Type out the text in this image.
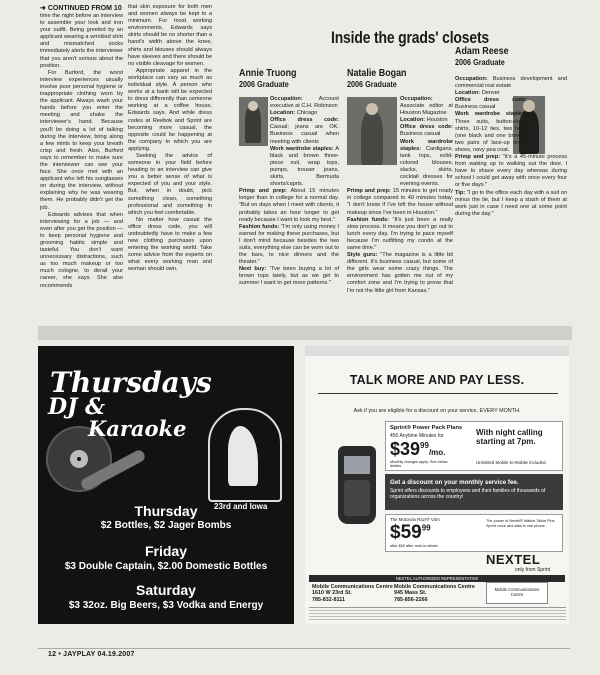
➜ CONTINUED FROM 10

time the night before an interview to assemble your look and iron your outfit. Being greeted by an applicant wearing a wrinkled shirt and mismatched socks immediately alerts the interviewer that you aren't serious about the position.

For Burford, the worst interview experiences usually involve poor personal hygiene or inappropriate clothing worn by the applicant. Always wash your hands before you enter the meeting and shake the interviewer's hand. Because you'll be doing a lot of talking during the interview, bring along a few mints to keep your breath crisp and fresh. Also, Burford says to remember to make sure the interviewer can see your face. She once met with an applicant who left his sunglasses on during the interview, without explaining why he was wearing them. He probably didn't get the job.

Edwards advises that when interviewing for a job — and even after you get the position — to keep personal hygiene and grooming habits simple and tasteful. You don't want unnecessary distractions, such as too much makeup or too much cologne, to derail your career, she says. She also recommends

that skin exposure for both men and women always be kept to a minimum. For most working environments, Edwards says skirts should be no shorter than a hand's width above the knee, shirts and blouses should always have sleeves and there should be no visible cleavage for women.

Appropriate apparel in the workplace can vary as much as individual style. A person who works at a bank will be expected to dress differently than someone working at a coffee house, Edwards says. And while dress codes at Reebok and Sprint are becoming more casual, the opposite could be happening at the company to which you are applying.

Seeking the advice of someone in your field before heading to an interview can give you a better sense of what is expected of you and your style. But, when in doubt, pick something clean, something professional and something in which you feel comfortable.

No matter how casual the office dress code, you will undoubtedly have to make a few new clothing purchases upon entering the working world. Take some advice from the experts on what every working man and woman should own.

Inside the grads' closets
Annie Truong
2006 Graduate

Occupation: Account executive at C.H. Robinson

Location: Chicago

Office dress code: Casual; jeans are OK. Business casual when meeting with clients

Work wardrobe staples: A black and brown three-piece suit, wrap tops, pumps, trouser jeans, skirts, Bermuda shorts/capris.

Primp and prep: About 15 minutes longer than in college for a normal day. "But on days when I meet with clients, it probably takes an hour longer to get ready because I want to look my best."

Fashion funds: "I'm only using money I earned for making these purchases, but I don't mind because besides the two suits, everything else can be worn out to the bars, to nice dinners and the theater."

Next buy: "I've been buying a lot of brown tops lately, but as we get to summer I want to get more patterns."

Natalie Bogan
2006 Graduate

Occupation: Associate editor at Houston Magazine

Location: Houston

Office dress code: Business casual

Work wardrobe staples: Cardigans, tank tops, solid-colored blouses, slacks, skirts, cocktail dresses for evening events.

Primp and prep: 15 minutes to get ready in college compared to 40 minutes today. "I don't know if I've left the house without makeup since I've been in Houston."

Fashion funds: "It's just been a really slow process. It means you don't go out to lunch every day. I'm trying to pace myself because I'm outfitting my condo at the same time."

Style guru: "The magazine is a little bit different. It's business casual, but some of the girls wear some crazy things. The environment has gotten me out of my comfort zone and I'm trying to prove that I'm not the little girl from Kansas."

Adam Reese
2006 Graduate

Occupation: Business development and commercial real estate

Location: Denver

Office dress code: Business casual

Work wardrobe staples: Three suits, button-down shirts, 10-12 ties, two belts (one black and one brown), two pairs of lace-up dress shoes, navy pea coat.

Primp and prep: "It's a 45-minute process from waking up to walking out the door. I have to shave every day whereas during school I could get away with once every four or five days."

Tip: "I go to the office each day with a suit on minus the tie, but I keep a stash of them at work just in case I need one at some point during the day."

23rd and Iowa
Thursdays
DJ &
Karaoke
Thursday
$2 Bottles, $2 Jager Bombs
Friday
$3 Double Captain, $2.00 Domestic Bottles
Saturday
$3 32oz. Big Beers, $3 Vodka and Energy
TALK MORE AND PAY LESS.
Ask if you are eligible for a discount on your service, EVERY MONTH.
Sprint® Power Pack Plans
450 Anytime Minutes for
$\$39^{99}/mo$.
Monthly charges apply. See below details.
With night calling starting at 7pm.
Unlimited Mobile-to-Mobile included.
Get a discount on your monthly service fee.
Sprint offers discounts to employees and their families of thousands of organizations across the country!
The Motorola Razr® V3m
$\$59^{99}$
after $50 after mail-in rebate.
The power of Nextel® Walkie-Talkie Plus Sprint voice and data in one phone.
NEXTEL
only from Sprint
NEXTEL AUTHORIZED REPRESENTATIVE
Mobile Communications Centre
1610 W 23rd St.
785-832-8111
Mobile Communications Centre
945 Mass St.
785-856-2266
Mobile Communications Centre
12 • JAYPLAY 04.19.2007
